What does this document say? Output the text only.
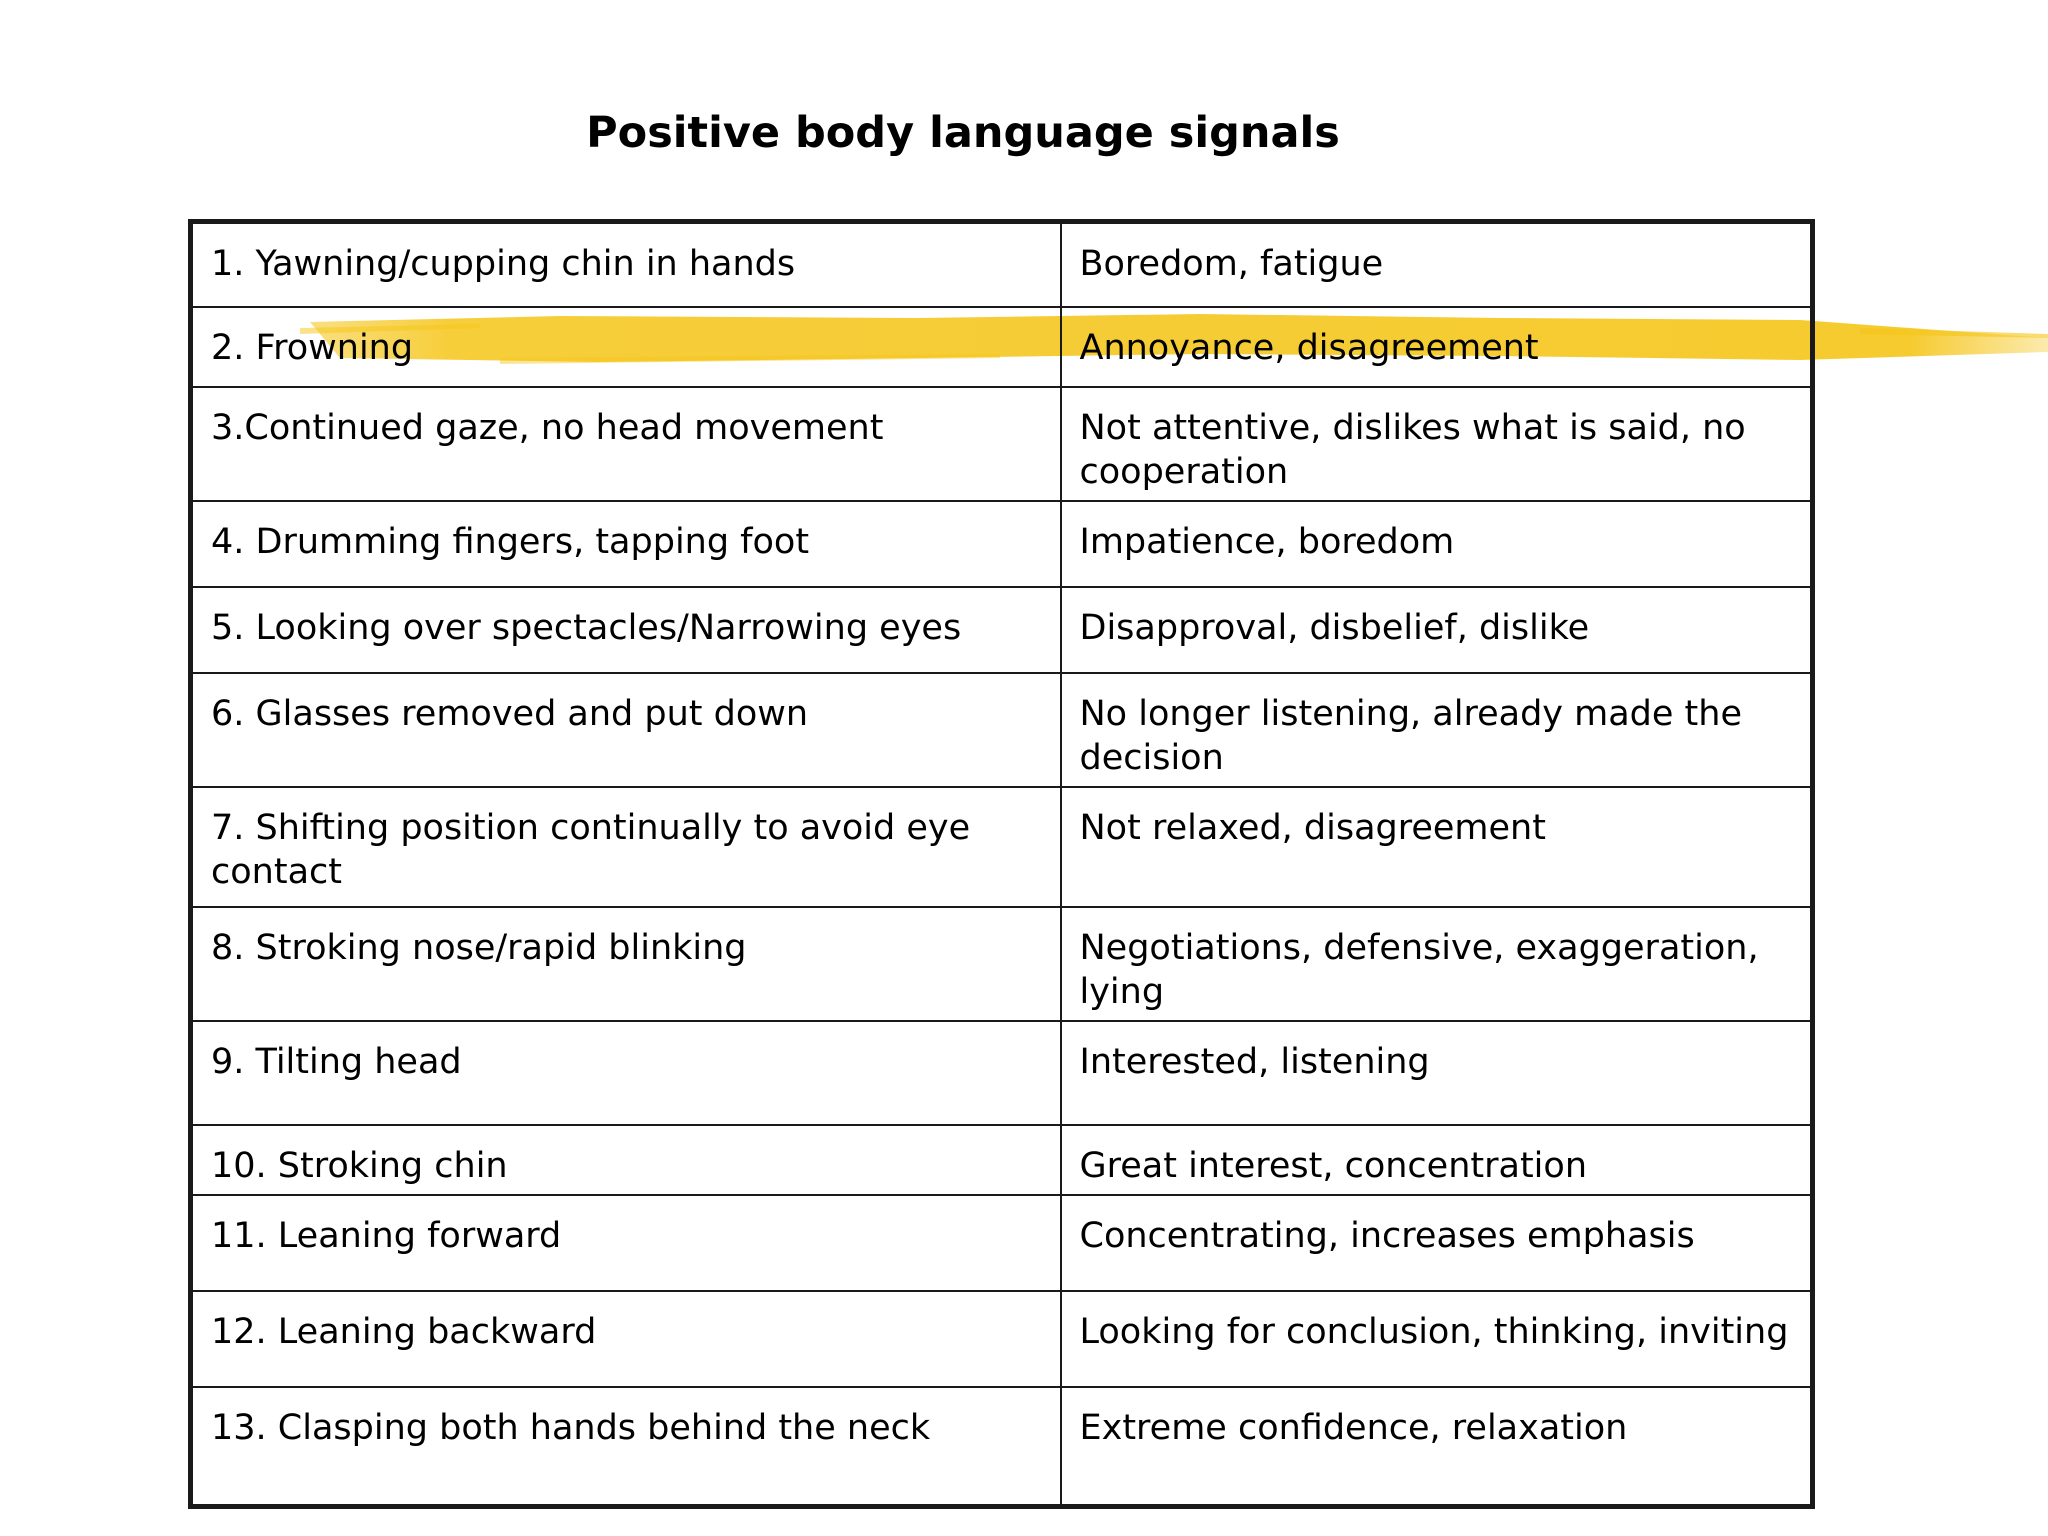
Positive body language signals
1. Yawning/cupping chin in hands	Boredom, fatigue
2. Frowning	Annoyance, disagreement
3.Continued gaze, no head movement	Not attentive, dislikes what is said, no cooperation
4. Drumming fingers, tapping foot	Impatience, boredom
5. Looking over spectacles/Narrowing eyes	Disapproval, disbelief, dislike
6. Glasses removed and put down	No longer listening, already made the decision
7. Shifting position continually to avoid eye contact	Not relaxed, disagreement
8. Stroking nose/rapid blinking	Negotiations, defensive, exaggeration, lying
9. Tilting head	Interested, listening
10. Stroking chin	Great interest, concentration
11. Leaning forward	Concentrating, increases emphasis
12. Leaning backward	Looking for conclusion, thinking, inviting
13. Clasping both hands behind the neck	Extreme confidence, relaxation
